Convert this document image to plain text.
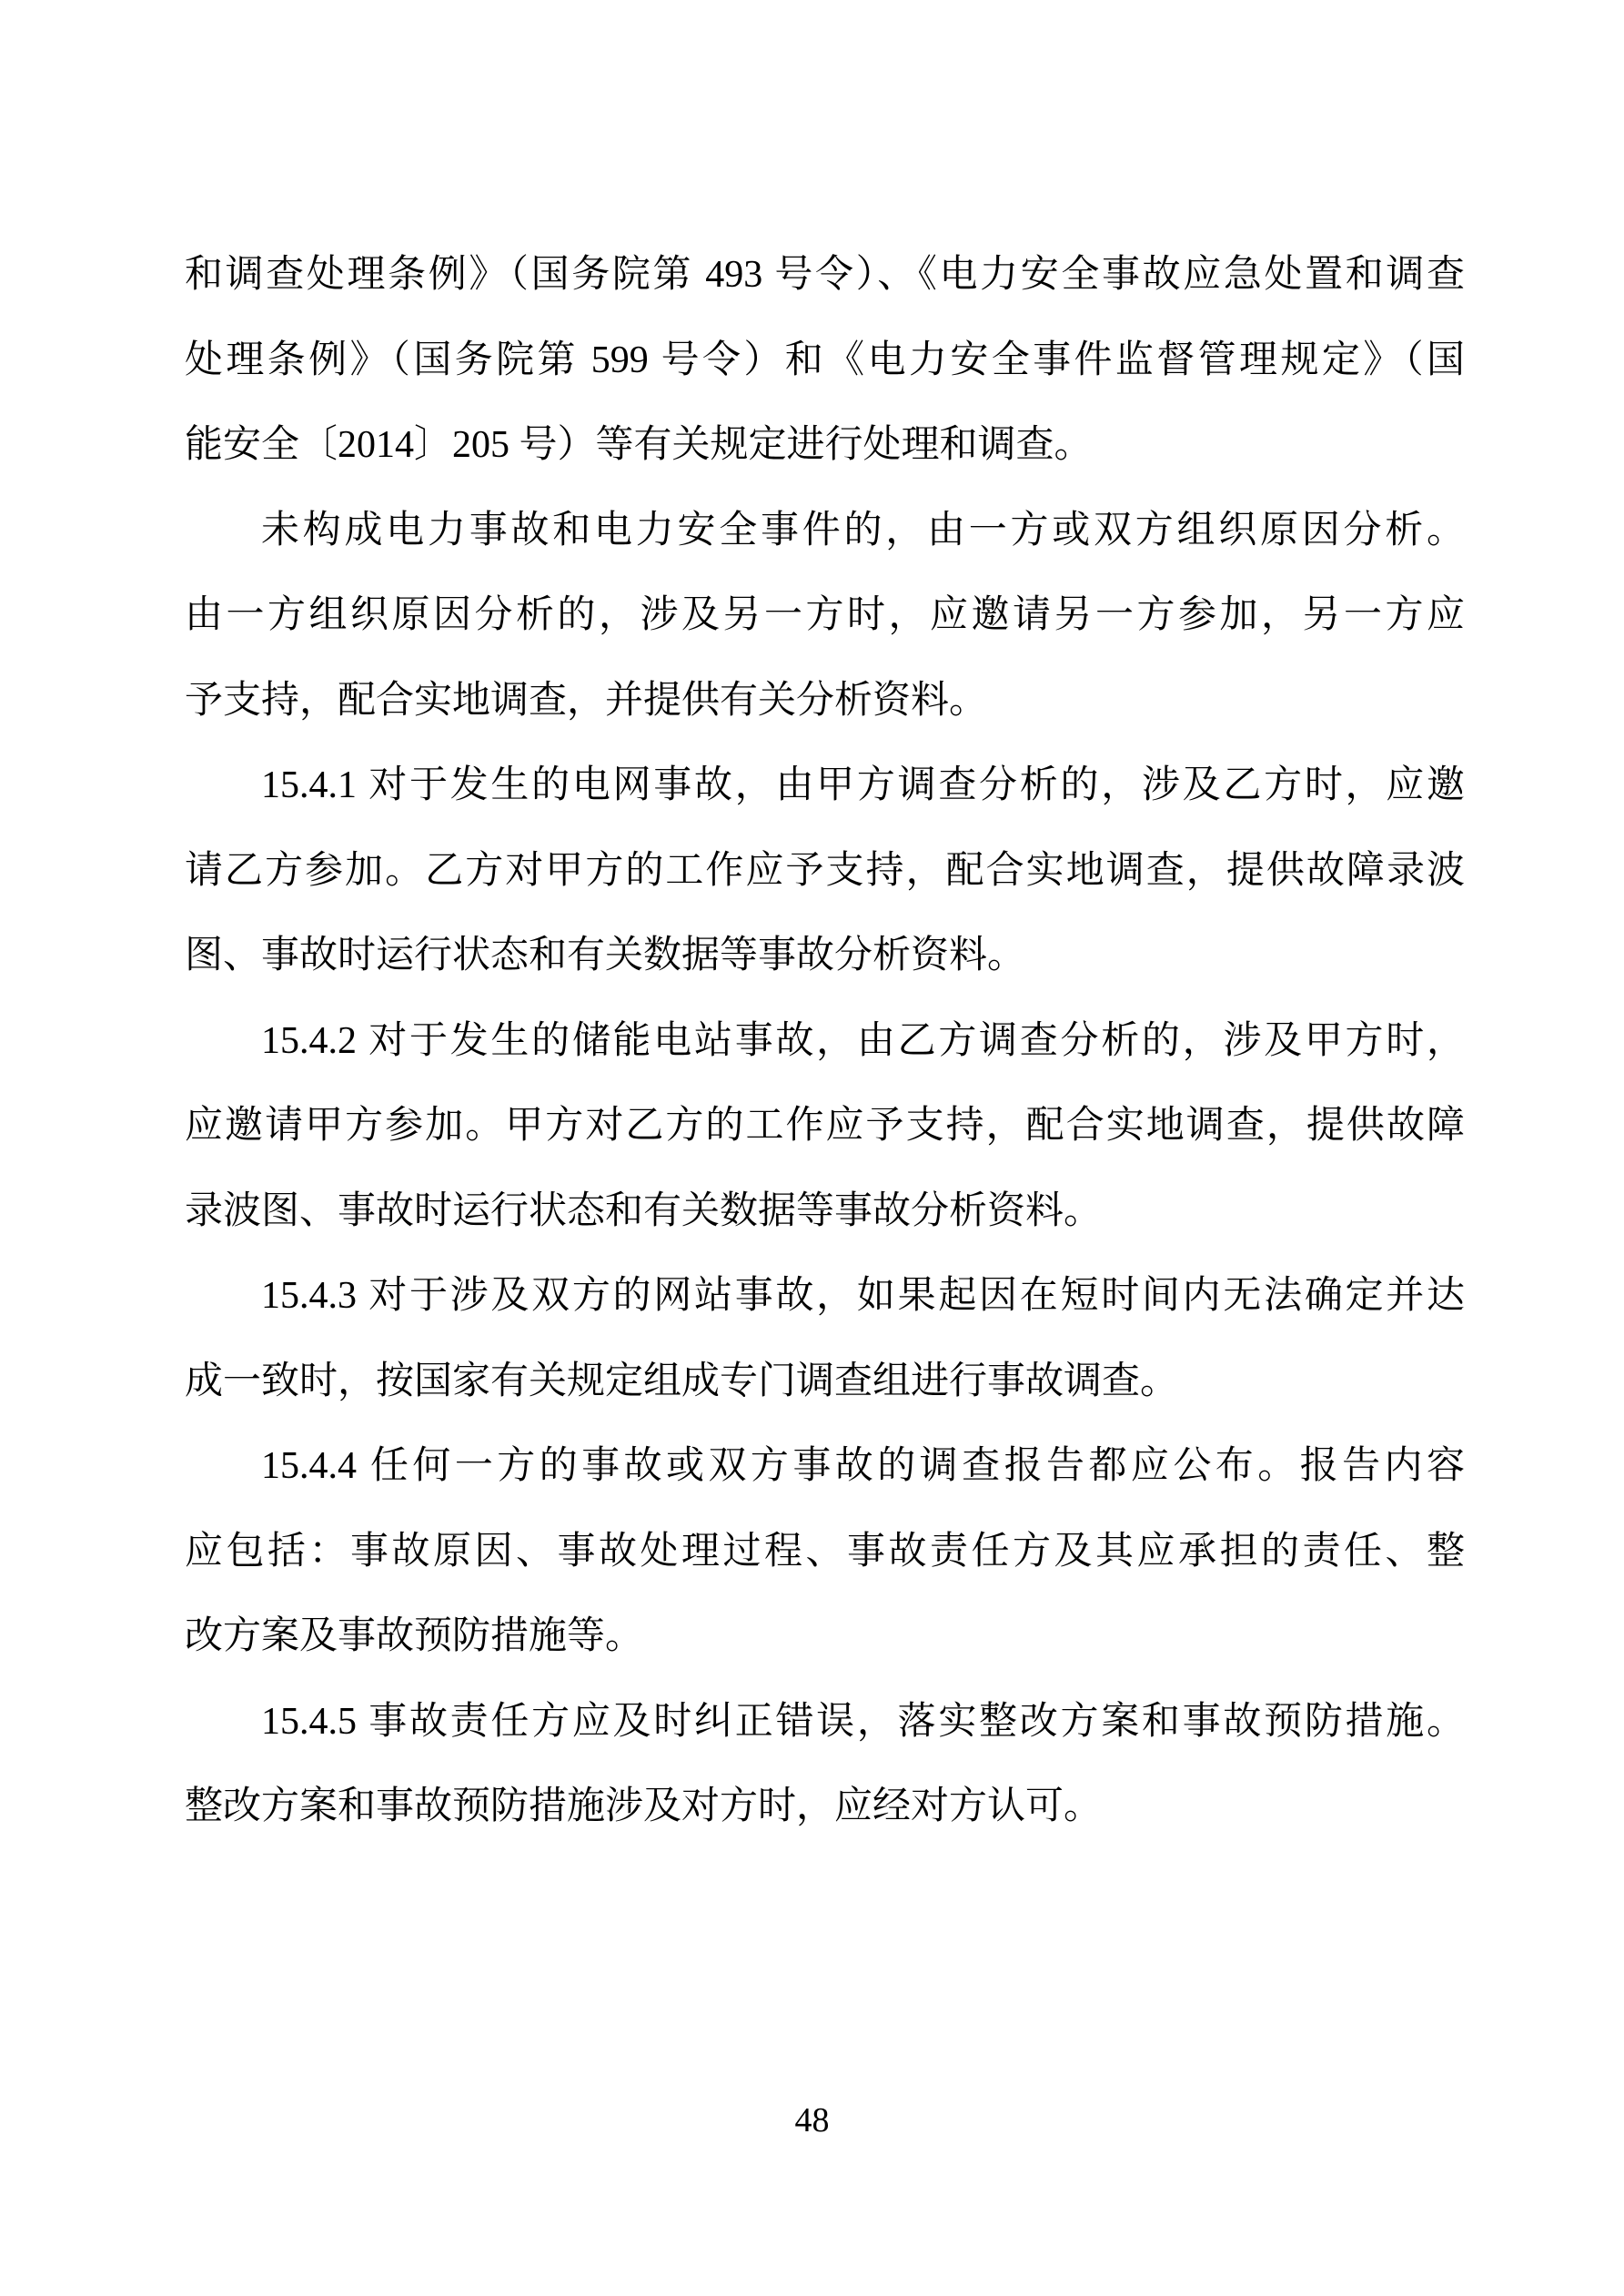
和调查处理条例》（国务院第 493 号令）、《电力安全事故应急处置和调查
处理条例》（国务院第 599 号令）和《电力安全事件监督管理规定》（国
能安全〔2014〕205 号）等有关规定进行处理和调查。
未构成电力事故和电力安全事件的，由一方或双方组织原因分析。
由一方组织原因分析的，涉及另一方时，应邀请另一方参加，另一方应
予支持，配合实地调查，并提供有关分析资料。
15.4.1 对于发生的电网事故，由甲方调查分析的，涉及乙方时，应邀
请乙方参加。乙方对甲方的工作应予支持，配合实地调查，提供故障录波
图、事故时运行状态和有关数据等事故分析资料。
15.4.2 对于发生的储能电站事故，由乙方调查分析的，涉及甲方时，
应邀请甲方参加。甲方对乙方的工作应予支持，配合实地调查，提供故障
录波图、事故时运行状态和有关数据等事故分析资料。
15.4.3 对于涉及双方的网站事故，如果起因在短时间内无法确定并达
成一致时，按国家有关规定组成专门调查组进行事故调查。
15.4.4 任何一方的事故或双方事故的调查报告都应公布。报告内容
应包括：事故原因、事故处理过程、事故责任方及其应承担的责任、整
改方案及事故预防措施等。
15.4.5 事故责任方应及时纠正错误，落实整改方案和事故预防措施。
整改方案和事故预防措施涉及对方时，应经对方认可。
48
